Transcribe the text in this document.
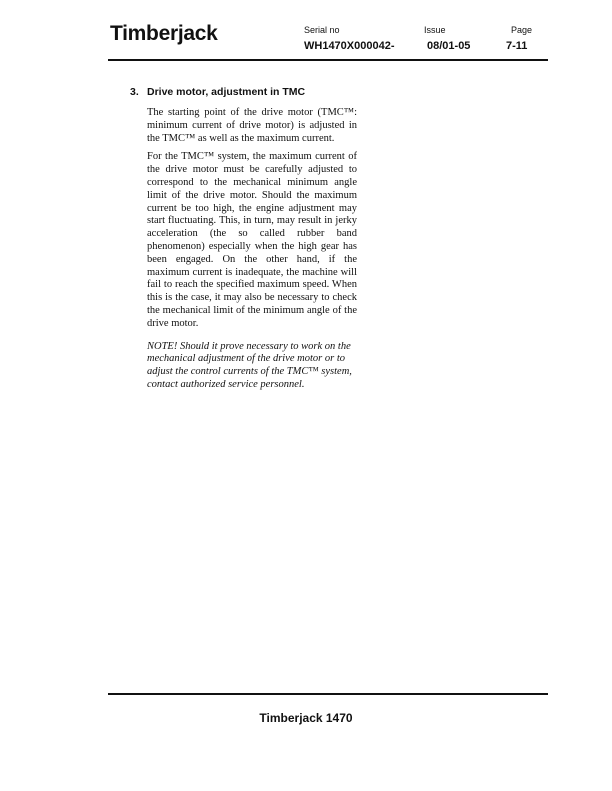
Timberjack	Serial no
WH1470X000042-
Issue
08/01-05
Page
7-11
3. Drive motor, adjustment in TMC

The starting point of the drive motor (TMC™: minimum current of drive motor) is adjusted in the TMC™ as well as the maximum current.

For the TMC™ system, the maximum current of the drive motor must be carefully adjusted to correspond to the mechanical minimum angle limit of the drive motor. Should the maximum current be too high, the engine adjustment may start fluctuating. This, in turn, may result in jerky acceleration (the so called rubber band phenomenon) especially when the high gear has been engaged. On the other hand, if the maximum current is inadequate, the machine will fail to reach the specified maximum speed. When this is the case, it may also be necessary to check the mechanical limit of the minimum angle of the drive motor.

NOTE! Should it prove necessary to work on the mechanical adjustment of the drive motor or to adjust the control currents of the TMC™ system, contact authorized service personnel.

Timberjack 1470
